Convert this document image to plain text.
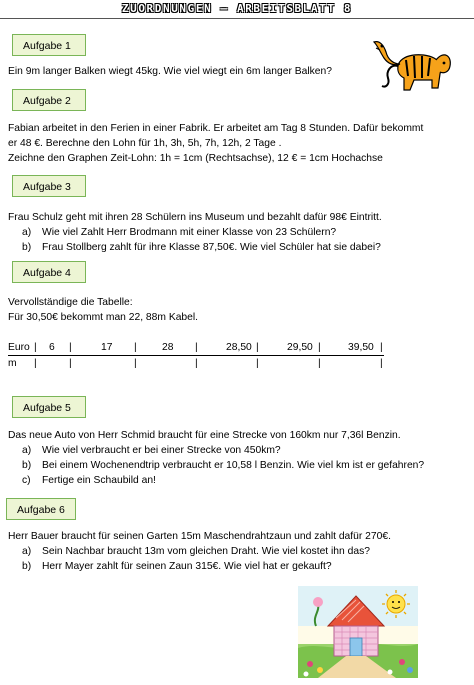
ZUORDNUNGEN – ARBEITSBLATT 8
Aufgabe 1
Ein 9m langer Balken wiegt 45kg. Wie viel wiegt ein 6m langer Balken?
Aufgabe 2
Fabian arbeitet in den Ferien in einer Fabrik. Er arbeitet am Tag 8 Stunden. Dafür bekommt
er 48 €. Berechne den Lohn für 1h, 3h, 5h, 7h, 12h, 2 Tage .
Zeichne den Graphen Zeit-Lohn: 1h = 1cm (Rechtsachse), 12 € = 1cm Hochachse
Aufgabe 3
Frau Schulz geht mit ihren 28 Schülern ins Museum und bezahlt dafür 98€ Eintritt.
a) Wie viel Zahlt Herr Brodmann mit einer Klasse von 23 Schülern?
b) Frau Stollberg zahlt für ihre Klasse 87,50€. Wie viel Schüler hat sie dabei?
Aufgabe 4
Vervollständige die Tabelle:
Für 30,50€ bekommt man 22, 88m Kabel.
Euro | 6 |	17 | 28 |	28,50 |	29,50 |	39,50 |
m |	|	|	|	|	|	|
Aufgabe 5
Das neue Auto von Herr Schmid braucht für eine Strecke von 160km nur 7,36l Benzin.
a) Wie viel verbraucht er bei einer Strecke von 450km?
b) Bei einem Wochenendtrip verbraucht er 10,58 l Benzin. Wie viel km ist er gefahren?
c) Fertige ein Schaubild an!
Aufgabe 6
Herr Bauer braucht für seinen Garten 15m Maschendrahtzaun und zahlt dafür 270€.
a) Sein Nachbar braucht 13m vom gleichen Draht. Wie viel kostet ihn das?
b) Herr Mayer zahlt für seinen Zaun 315€. Wie viel hat er gekauft?
